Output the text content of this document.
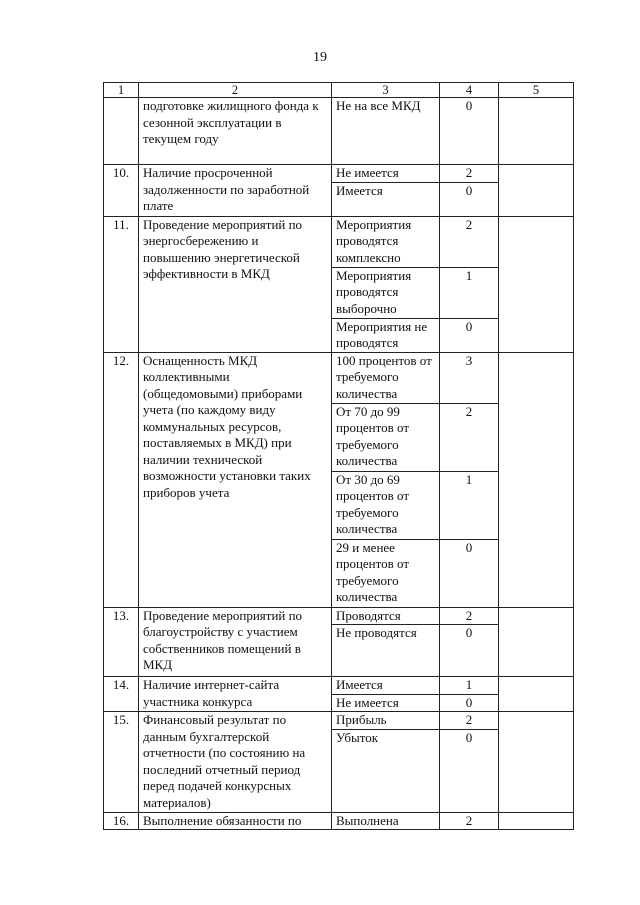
19
1	2	3	4	5
	подготовке жилищного фонда к сезонной эксплуатации в текущем году	Не на все МКД	0	
10.	Наличие просроченной задолженности по заработной плате	Не имеется	2	
		Имеется	0	
11.	Проведение мероприятий по энергосбережению и повышению энергетической эффективности в МКД	Мероприятия проводятся комплексно	2	
		Мероприятия проводятся выборочно	1	
		Мероприятия не проводятся	0	
12.	Оснащенность МКД коллективными (общедомовыми) приборами учета (по каждому виду коммунальных ресурсов, поставляемых в МКД) при наличии технической возможности установки таких приборов учета	100 процентов от требуемого количества	3	
		От 70 до 99 процентов от требуемого количества	2	
		От 30 до 69 процентов от требуемого количества	1	
		29 и менее процентов от требуемого количества	0	
13.	Проведение мероприятий по благоустройству с участием собственников помещений в МКД	Проводятся	2	
		Не проводятся	0	
14.	Наличие интернет-сайта участника конкурса	Имеется	1	
		Не имеется	0	
15.	Финансовый результат по данным бухгалтерской отчетности (по состоянию на последний отчетный период перед подачей конкурсных материалов)	Прибыль	2	
		Убыток	0	
16.	Выполнение обязанности по	Выполнена	2	
